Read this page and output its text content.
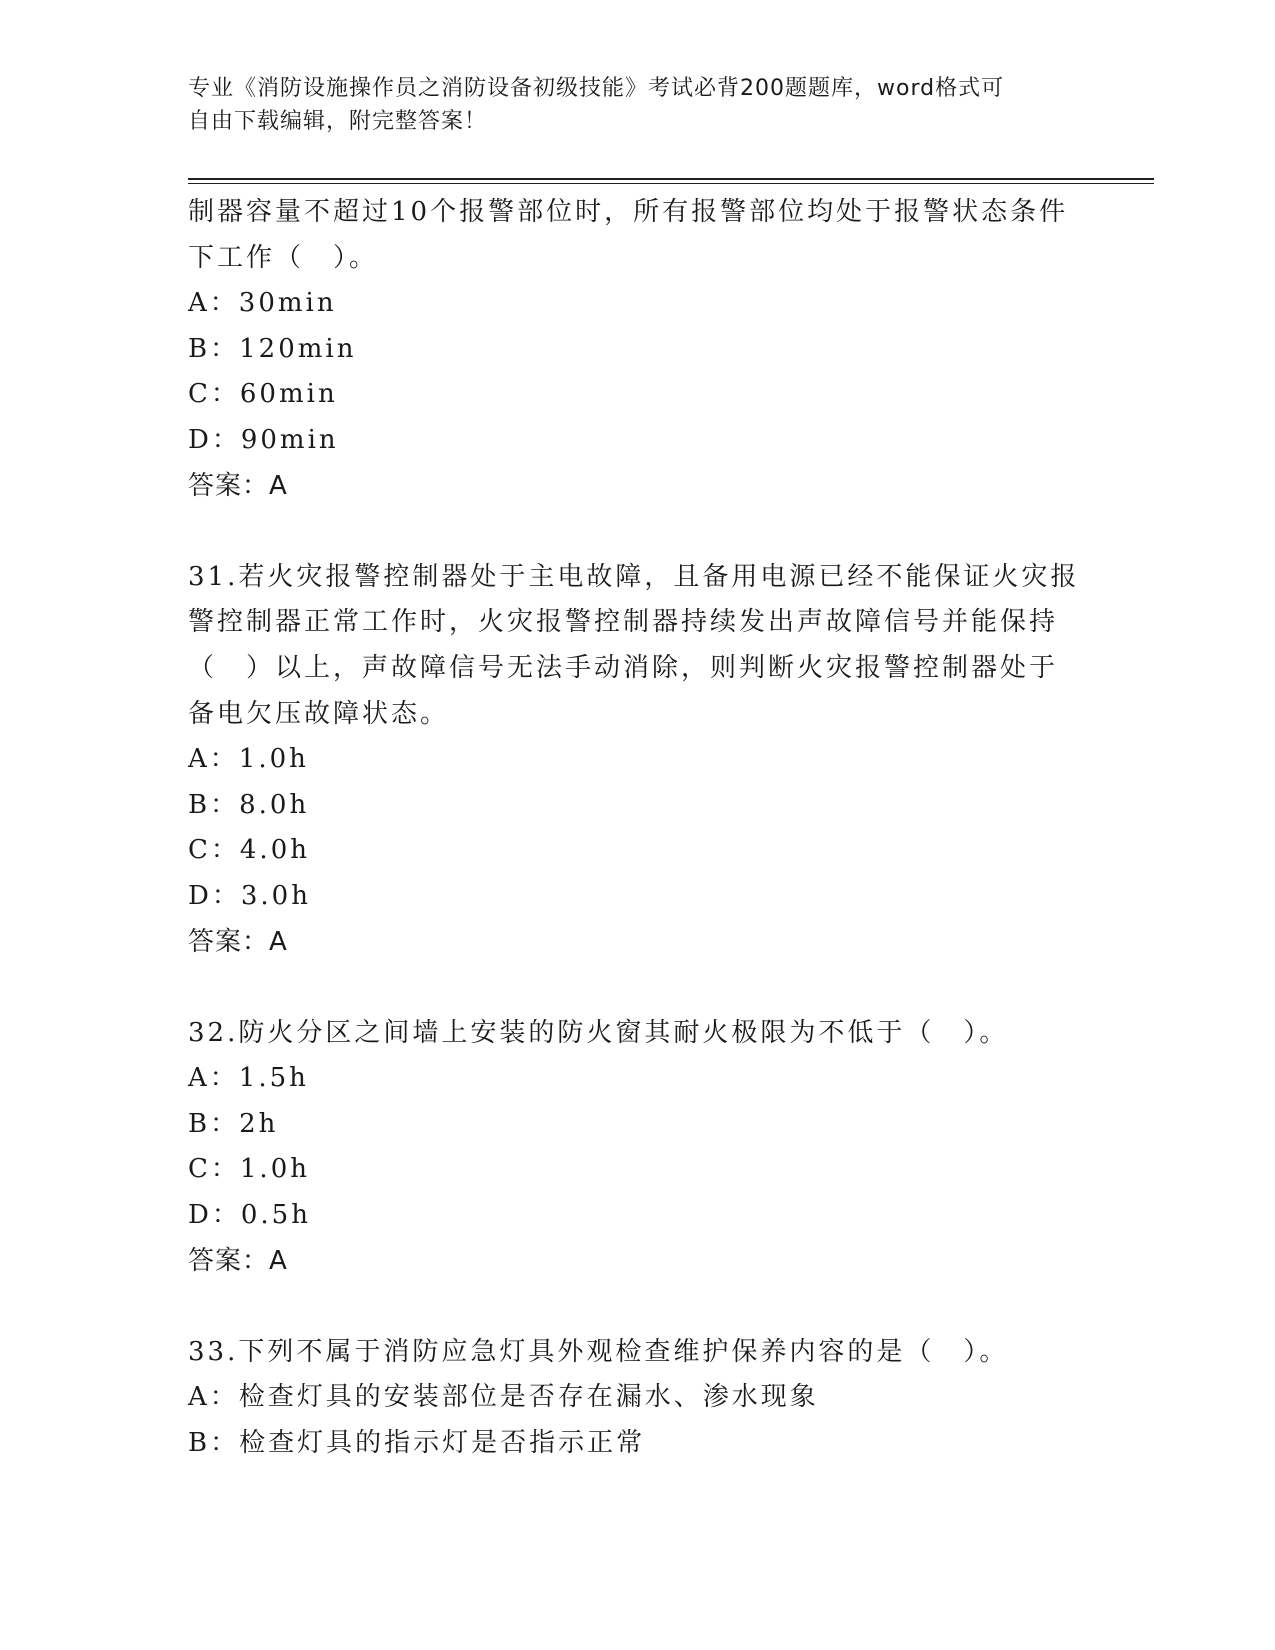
专业《消防设施操作员之消防设备初级技能》考试必背200题题库，word格式可
自由下载编辑，附完整答案！
制器容量不超过10个报警部位时，所有报警部位均处于报警状态条件
下工作（　）。
A：30min
B：120min
C：60min
D：90min
答案：A
31.若火灾报警控制器处于主电故障，且备用电源已经不能保证火灾报
警控制器正常工作时，火灾报警控制器持续发出声故障信号并能保持
（　）以上，声故障信号无法手动消除，则判断火灾报警控制器处于
备电欠压故障状态。
A：1.0h
B：8.0h
C：4.0h
D：3.0h
答案：A
32.防火分区之间墙上安装的防火窗其耐火极限为不低于（　）。
A：1.5h
B：2h
C：1.0h
D：0.5h
答案：A
33.下列不属于消防应急灯具外观检查维护保养内容的是（　）。
A：检查灯具的安装部位是否存在漏水、渗水现象
B：检查灯具的指示灯是否指示正常
